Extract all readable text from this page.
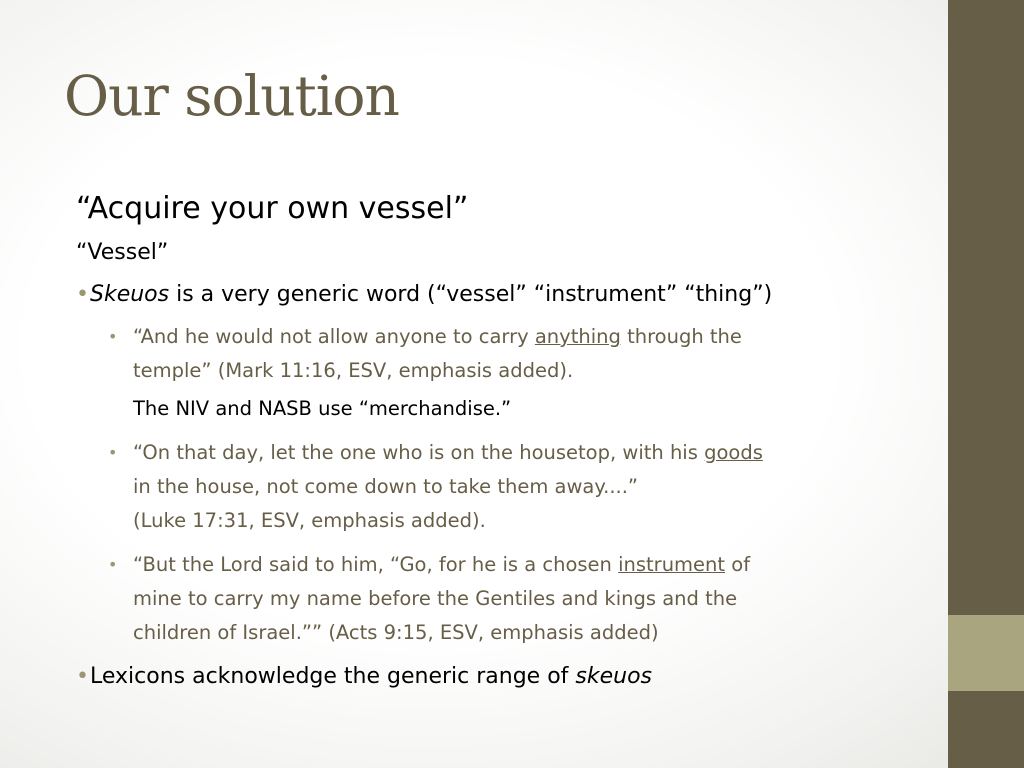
Our solution
“Acquire your own vessel”
“Vessel”
•Skeuos is a very generic word (“vessel” “instrument” “thing”)
• “And he would not allow anyone to carry anything through the
temple” (Mark 11:16, ESV, emphasis added).
The NIV and NASB use “merchandise.”
• “On that day, let the one who is on the housetop, with his goods
in the house, not come down to take them away....”
(Luke 17:31, ESV, emphasis added).
• “But the Lord said to him, “Go, for he is a chosen instrument of
mine to carry my name before the Gentiles and kings and the
children of Israel.”” (Acts 9:15, ESV, emphasis added)
•Lexicons acknowledge the generic range of skeuos
